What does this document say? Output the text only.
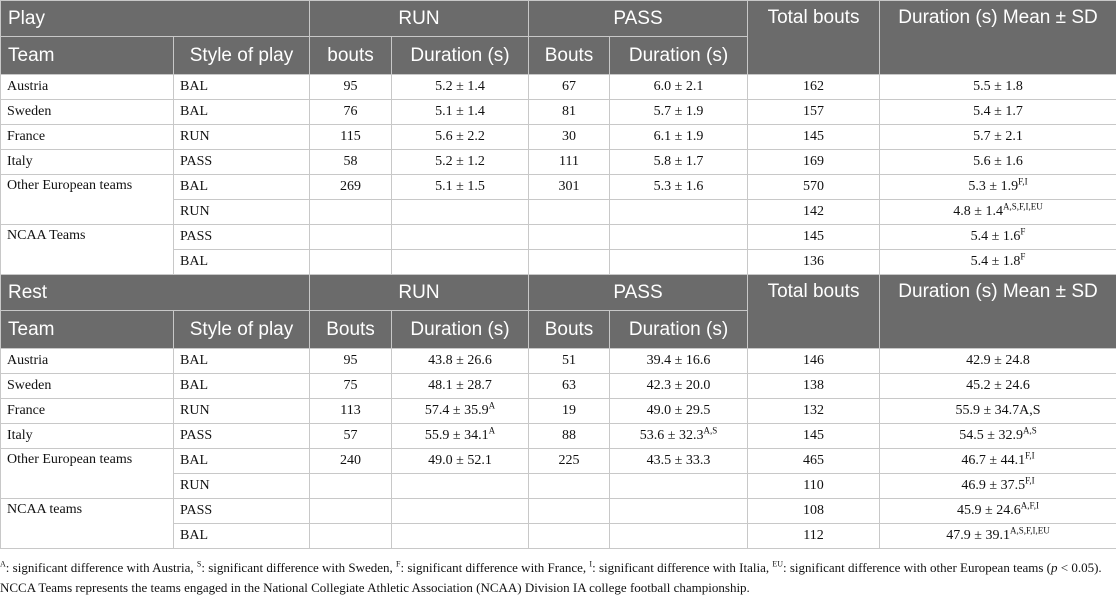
Play		RUN		PASS		Total bouts	Duration (s) Mean ± SD
Team	Style of play	bouts	Duration (s)	Bouts	Duration (s)		
Austria	BAL	95	5.2 ± 1.4	67	6.0 ± 2.1	162	5.5 ± 1.8
Sweden	BAL	76	5.1 ± 1.4	81	5.7 ± 1.9	157	5.4 ± 1.7
France	RUN	115	5.6 ± 2.2	30	6.1 ± 1.9	145	5.7 ± 2.1
Italy	PASS	58	5.2 ± 1.2	111	5.8 ± 1.7	169	5.6 ± 1.6
Other European teams	BAL	269	5.1 ± 1.5	301	5.3 ± 1.6	570	$5.3 \pm 1.9^{F,I}$
	RUN					142	$4.8 \pm 1.4^{A,S,F,I,EU}$
NCAA Teams	PASS					145	$5.4 \pm 1.6^F$
	BAL					136	$5.4 \pm 1.8^F$
Rest		RUN		PASS		Total bouts	Duration (s) Mean ± SD
Team	Style of play	Bouts	Duration (s)	Bouts	Duration (s)		
Austria	BAL	95	43.8 ± 26.6	51	39.4 ± 16.6	146	42.9 ± 24.8
Sweden	BAL	75	48.1 ± 28.7	63	42.3 ± 20.0	138	45.2 ± 24.6
France	RUN	113	$57.4 \pm 35.9^A$	19	49.0 ± 29.5	132	55.9 ± 34.7A,S
Italy	PASS	57	$55.9 \pm 34.1^A$	88	$53.6 \pm 32.3^{A,S}$	145	$54.5 \pm 32.9^{A,S}$
Other European teams	BAL	240	49.0 ± 52.1	225	43.5 ± 33.3	465	$46.7 \pm 44.1^{F,I}$
	RUN					110	$46.9 \pm 37.5^{F,I}$
NCAA teams	PASS					108	$45.9 \pm 24.6^{A,F,I}$
	BAL					112	$47.9 \pm 39.1^{A,S,F,I,EU}$
$^A$: significant difference with Austria, $^S$: significant difference with Sweden, $^F$: significant difference with France, $^I$: significant difference with Italia, $^{EU}$: significant difference with other European teams (p < 0.05). NCCA Teams represents the teams engaged in the National Collegiate Athletic Association (NCAA) Division IA college football championship.
